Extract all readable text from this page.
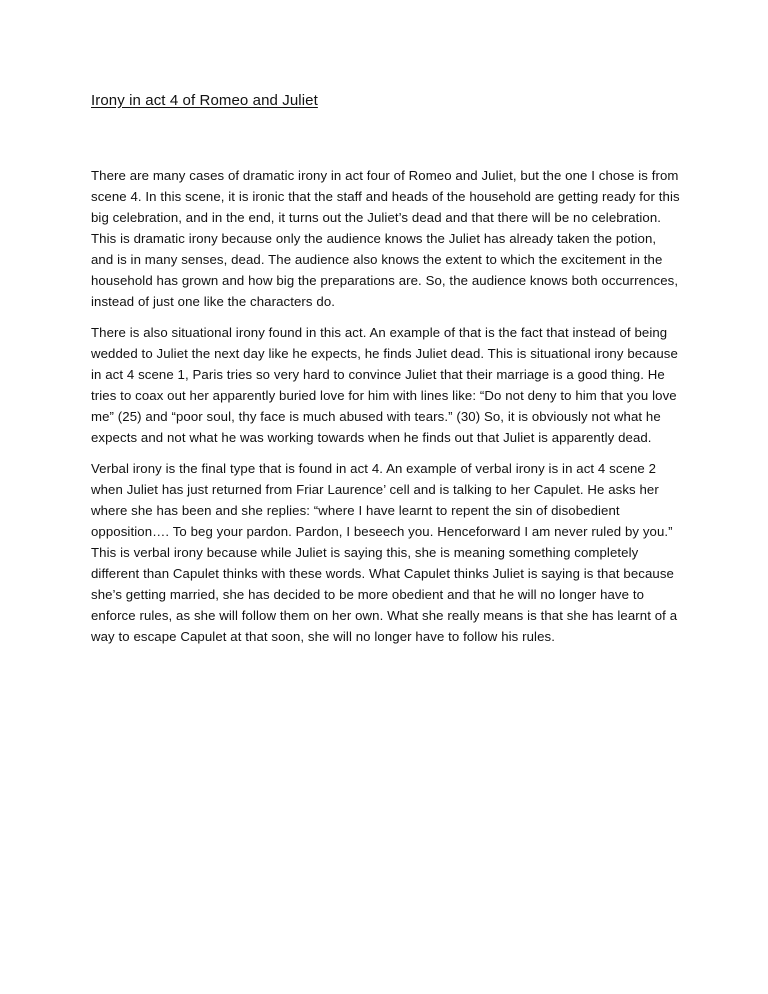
Irony in act 4 of Romeo and Juliet

There are many cases of dramatic irony in act four of Romeo and Juliet, but the one I chose is from scene 4. In this scene, it is ironic that the staff and heads of the household are getting ready for this big celebration, and in the end, it turns out the Juliet’s dead and that there will be no celebration. This is dramatic irony because only the audience knows the Juliet has already taken the potion, and is in many senses, dead. The audience also knows the extent to which the excitement in the household has grown and how big the preparations are. So, the audience knows both occurrences, instead of just one like the characters do.

There is also situational irony found in this act. An example of that is the fact that instead of being wedded to Juliet the next day like he expects, he finds Juliet dead. This is situational irony because in act 4 scene 1, Paris tries so very hard to convince Juliet that their marriage is a good thing. He tries to coax out her apparently buried love for him with lines like: “Do not deny to him that you love me” (25) and “poor soul, thy face is much abused with tears.” (30) So, it is obviously not what he expects and not what he was working towards when he finds out that Juliet is apparently dead.

Verbal irony is the final type that is found in act 4. An example of verbal irony is in act 4 scene 2 when Juliet has just returned from Friar Laurence’ cell and is talking to her Capulet. He asks her where she has been and she replies: “where I have learnt to repent the sin of disobedient opposition…. To beg your pardon. Pardon, I beseech you. Henceforward I am never ruled by you.” This is verbal irony because while Juliet is saying this, she is meaning something completely different than Capulet thinks with these words. What Capulet thinks Juliet is saying is that because she’s getting married, she has decided to be more obedient and that he will no longer have to enforce rules, as she will follow them on her own. What she really means is that she has learnt of a way to escape Capulet at that soon, she will no longer have to follow his rules.
